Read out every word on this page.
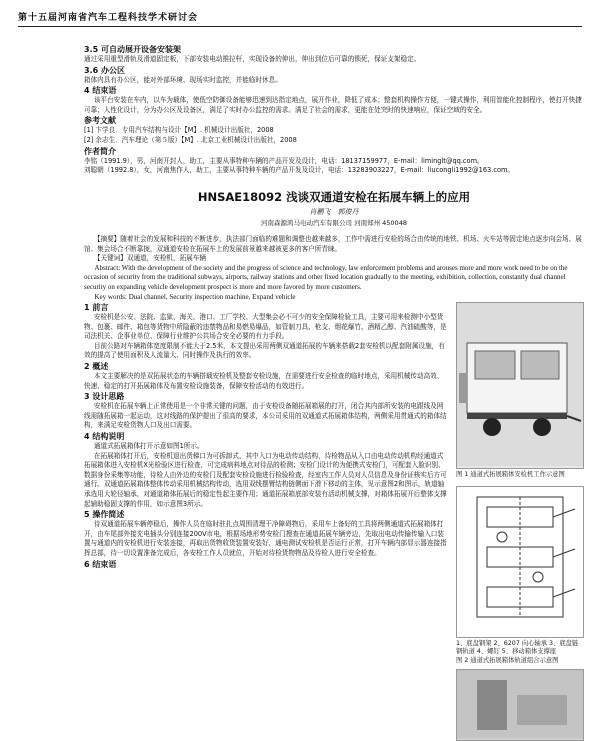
第十五届河南省汽车工程科技学术研讨会

3.5 可自动展开设备安装架

通过采用重型滑轨及滑道固定板，下部安装电动推拉杆，实现设备的伸出，伸出到位后可靠的锁死，保证支架稳定。

3.6 办公区

箱体内具有办公区，能对外部环境、现场实时监控，并能临时休息。

4 结束语

该平台安装在车内，以车为载体，使低空防御设备能够迅速到达指定地点，展开作业，降低了成本；整套机构操作方便，一键式操作，利用智能化控制程序，使打开快捷可靠；人性化设计，分为办公区及设备区，满足了实时办公监控的需求。满足了社会的需求，更能在处突时的快速响应，保证空域的安全。

参考文献

[1] 卞学良．专用汽车结构与设计【M】. 机械设计出版社，2008

[2] 余志生．汽车理论（第５版）【M】. 北京工业机械设计出版社，2008

作者简介

李铭（1991.9），男，河南开封人，助工，主要从事特种车辆的产品开发及设计，电话：18137159977，E-mail：liminglt@qq.com。

刘聪朝（1992.8），女，河南焦作人，助工，主要从事特种车辆的产品开发及设计，电话：13283903227，E-mail：liucongli1992@163.com。

HNSAE18092 浅谈双通道安检在拓展车辆上的应用
肖鹏飞　郭俊丹
河南森源鸿马电动汽车有限公司 河南郑州 450048

【摘要】随着社会的发展和科技的不断进步，执法部门面临的难题和调整也越来越多，工作中需进行安检的场合由传统的地铁、机场、火车站等固定地点逐步向会场、展馆、集会场合不断靠拢，双通道安检在拓展车上的发展前景越来越被更多的客户所青睐。

【关键词】双通道，安检机，拓展车辆

Abstract: With the development of the society and the progress of science and technology, law enforcement problems and arouses more and more work need to be on the occasion of security from the traditional subways, airports, railway stations and other fixed location gradually to the meeting, exhibition, collection, constantly dual channel security on expanding vehicle development prospect is more and more favored by more customers.

Key words: Dual channel, Security inspection machine, Expand vehicle

1 前言

安检机是公安、法院、监狱、海关、港口、工厂学校、大型集会必不可少的安全保障检验工具，主要可用来检测中小型货物、包裹、邮件、箱包等货物中所隐蔽的违禁物品和易燃易爆品，如管制刀具、枪支、烟花爆竹、酒精乙醇、汽油硫酸等，是司法机关、企事业单位、保障行业维护公共场合安全必要的有力手段。

目前公路对车辆箱体宽度限制不能大于2.5米，本文提出采用两侧双通道拓展的车辆来搭载2套安检机以配套附属设施，有效的提高了使用面积及人流量大、同时操作及执行的效率。

2 概述

本文主要解决的是双拓展状态的车辆搭载安检机及整套安检设施，在需要进行安全检查的临时地点，采用机械传动高效、快速、稳定的打开拓展箱体及布置安检设施装备，保障安检活动的有效进行。

3 设计思路

安检机在拓展车辆上正常使用是一个非常关键的问题，由于安检设备随拓展箱展的打开，闭合其内部所安装的电跟线及网线需随拓展箱一起运动，这对线路的保护提出了很高的要求，本公司采用的双通道式拓展箱体结构，两侧采用贯通式的箱体结构，来满足安检货物人口及出口需要。

4 结构说明

通道式拓展箱体打开示意如图1所示。

在拓展箱体打开后，安检机退出货梯口为可拆卸式，其中入口为电动传动结构，待检物品从入口由电动传动机构经通道式拓展箱体进入安检机X光检验区进行检查，可完成病料地点对待品的检测；安检门设计的为便携式安检门，可配套入脸识别、数据身份采集等功能，待检人由外边的安检门及配套安检设施进行检验检查，经室内工作人员对人员信息及身份证核实后方可通行。双通道拓展箱体整体传动采用机械结构传动，选用双线摆臂结构链侧面下滑下移动的主体，见示意图2和图示，轨道轴承选用大轮径轴承，对通道箱体拓展后的稳定性起主要作用；通道拓展箱底部安装有活动机械支撑，对箱体拓展开后整体支撑起辅助稳固支撑的作用，如示意图3所示。

5 操作简述

待双通道拓展车辆停稳后，操作人员在临时驻扎点周围清理干净障碍物后，采用车上备好的工具将两侧通道式拓展箱体打开，由车尾部外接充电插头分别连接200V市电，根据场地形势安检门搜查在通道拓展车辆旁边，先取出电动传输传输入口装置与通道内的安检机进行安装连接，再取出货物收货装置安装好，通电测试安检机是否运行正常，打开车辆内部显示器连接指挥总部，待一切设置准备完成后，各安检工作人员就位，开始对待检货物物品及待检人进行安全检查。

6 结束语

图 1 通道式拓展箱体安检机工作示意图
1、底盘钢架 2、6207 向心轴承 3、底盘链钢轨道 4、螺钉 5、移动箱体支撑座
图 2 通道式拓展箱体轨道组合示意图
